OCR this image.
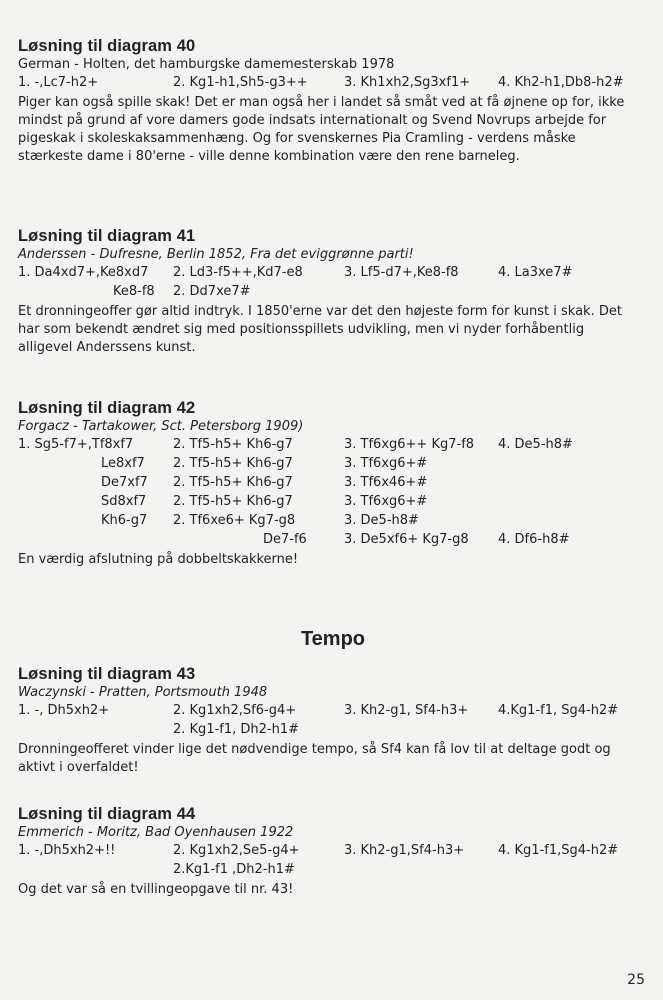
Løsning til diagram 40
German - Holten, det hamburgske damemesterskab 1978
1. -,Lc7-h2+	2. Kg1-h1,Sh5-g3++	3. Kh1xh2,Sg3xf1+ 4. Kh2-h1,Db8-h2#

Piger kan også spille skak! Det er man også her i landet så småt ved at få øjnene op for, ikke mindst på grund af vore damers gode indsats internationalt og Svend Novrups arbejde for pigeskak i skoleskaksammenhæng. Og for svenskernes Pia Cramling - verdens måske stærkeste dame i 80'erne - ville denne kombination være den rene barneleg.

Løsning til diagram 41
Anderssen - Dufresne, Berlin 1852, Fra det eviggrønne parti!
1. Da4xd7+,Ke8xd7 2. Ld3-f5++,Kd7-e8	3. Lf5-d7+,Ke8-f8	4. La3xe7#
Ke8-f8 2. Dd7xe7#

Et dronningeoffer gør altid indtryk. I 1850'erne var det den højeste form for kunst i skak. Det har som bekendt ændret sig med positionsspillets udvikling, men vi nyder forhåbentlig alligevel Anderssens kunst.

Løsning til diagram 42
Forgacz - Tartakower, Sct. Petersborg 1909)
1. Sg5-f7+,Tf8xf7	2. Tf5-h5+ Kh6-g7	3. Tf6xg6++ Kg7-f8 4. De5-h8#
Le8xf7 2. Tf5-h5+ Kh6-g7	3. Tf6xg6+#
De7xf7 2. Tf5-h5+ Kh6-g7	3. Tf6x46+#
Sd8xf7 2. Tf5-h5+ Kh6-g7	3. Tf6xg6+#
Kh6-g7 2. Tf6xe6+ Kg7-g8	3. De5-h8#
De7-f6	3. De5xf6+ Kg7-g8 4. Df6-h8#

En værdig afslutning på dobbeltskakkerne!

Tempo
Løsning til diagram 43
Waczynski - Pratten, Portsmouth 1948
1. -, Dh5xh2+	2. Kg1xh2,Sf6-g4+	3. Kh2-g1, Sf4-h3+ 4.Kg1-f1, Sg4-h2#
2. Kg1-f1, Dh2-h1#

Dronningeofferet vinder lige det nødvendige tempo, så Sf4 kan få lov til at deltage godt og aktivt i overfaldet!

Løsning til diagram 44
Emmerich - Moritz, Bad Oyenhausen 1922
1. -,Dh5xh2+!!	2. Kg1xh2,Se5-g4+	3. Kh2-g1,Sf4-h3+	4. Kg1-f1,Sg4-h2#
2.Kg1-f1 ,Dh2-h1#

Og det var så en tvillingeopgave til nr. 43!

25
